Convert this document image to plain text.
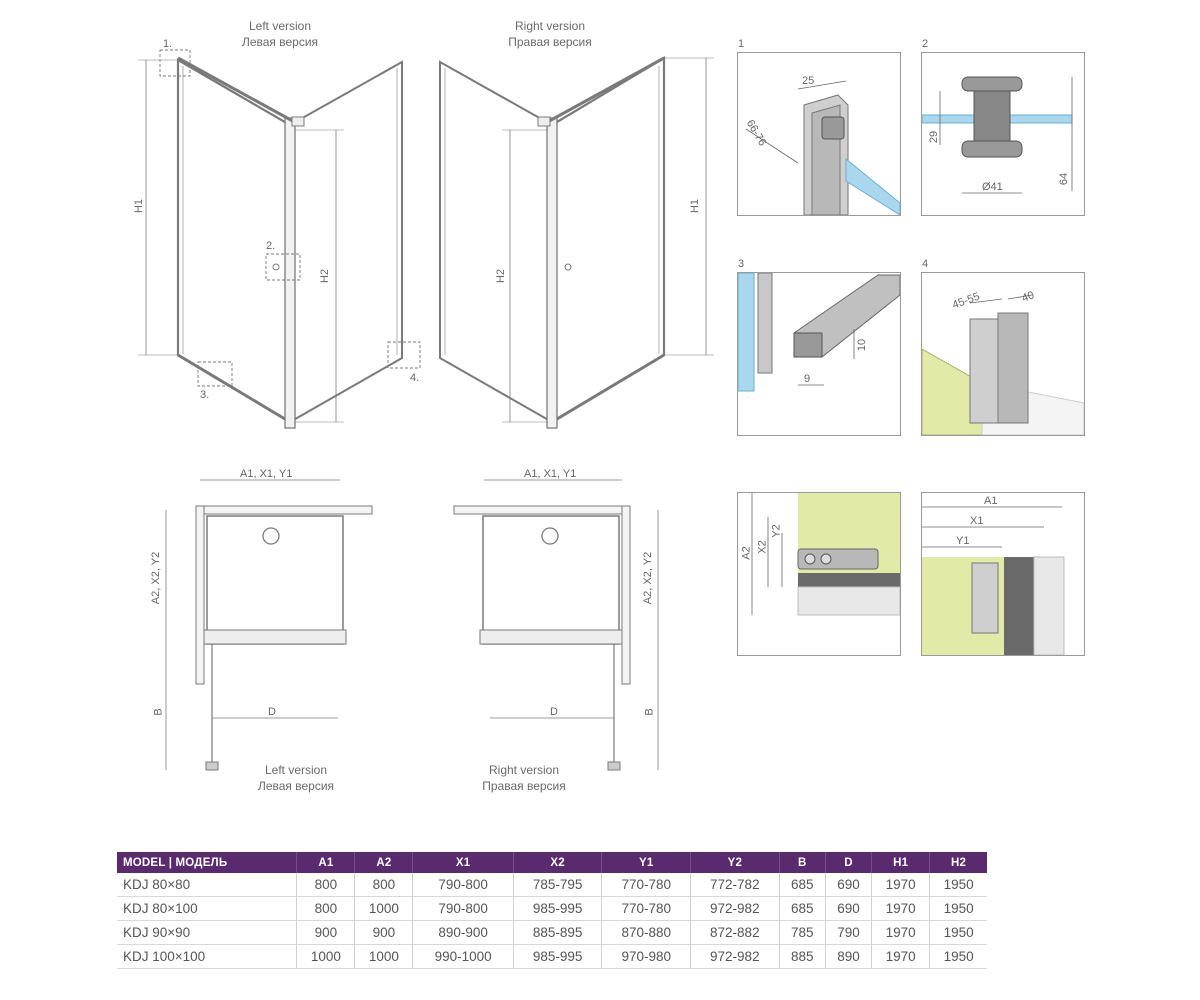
Left version
Левая версия
Right version
Правая версия
1.
2.
3.
4.
H1
H2	H2
H1
1
25
66-76
2
29
Ø41
64
3
9
10
4
45-55	40
A2 X2
Y2
A1
X1
Y1
A1, X1, Y1	A1, X1, Y1
A2, X2, Y2	A2, X2, Y2
B	B
D	D
Left version
Левая версия
Right version
Правая версия
MODEL | МОДЕЛЬ	A1	A2	X1	X2	Y1	Y2	B	D	H1	H2
KDJ 80×80	800	800	790-800	785-795	770-780	772-782	685	690	1970	1950
KDJ 80×100	800	1000	790-800	985-995	770-780	972-982	685	690	1970	1950
KDJ 90×90	900	900	890-900	885-895	870-880	872-882	785	790	1970	1950
KDJ 100×100	1000	1000	990-1000	985-995	970-980	972-982	885	890	1970	1950
